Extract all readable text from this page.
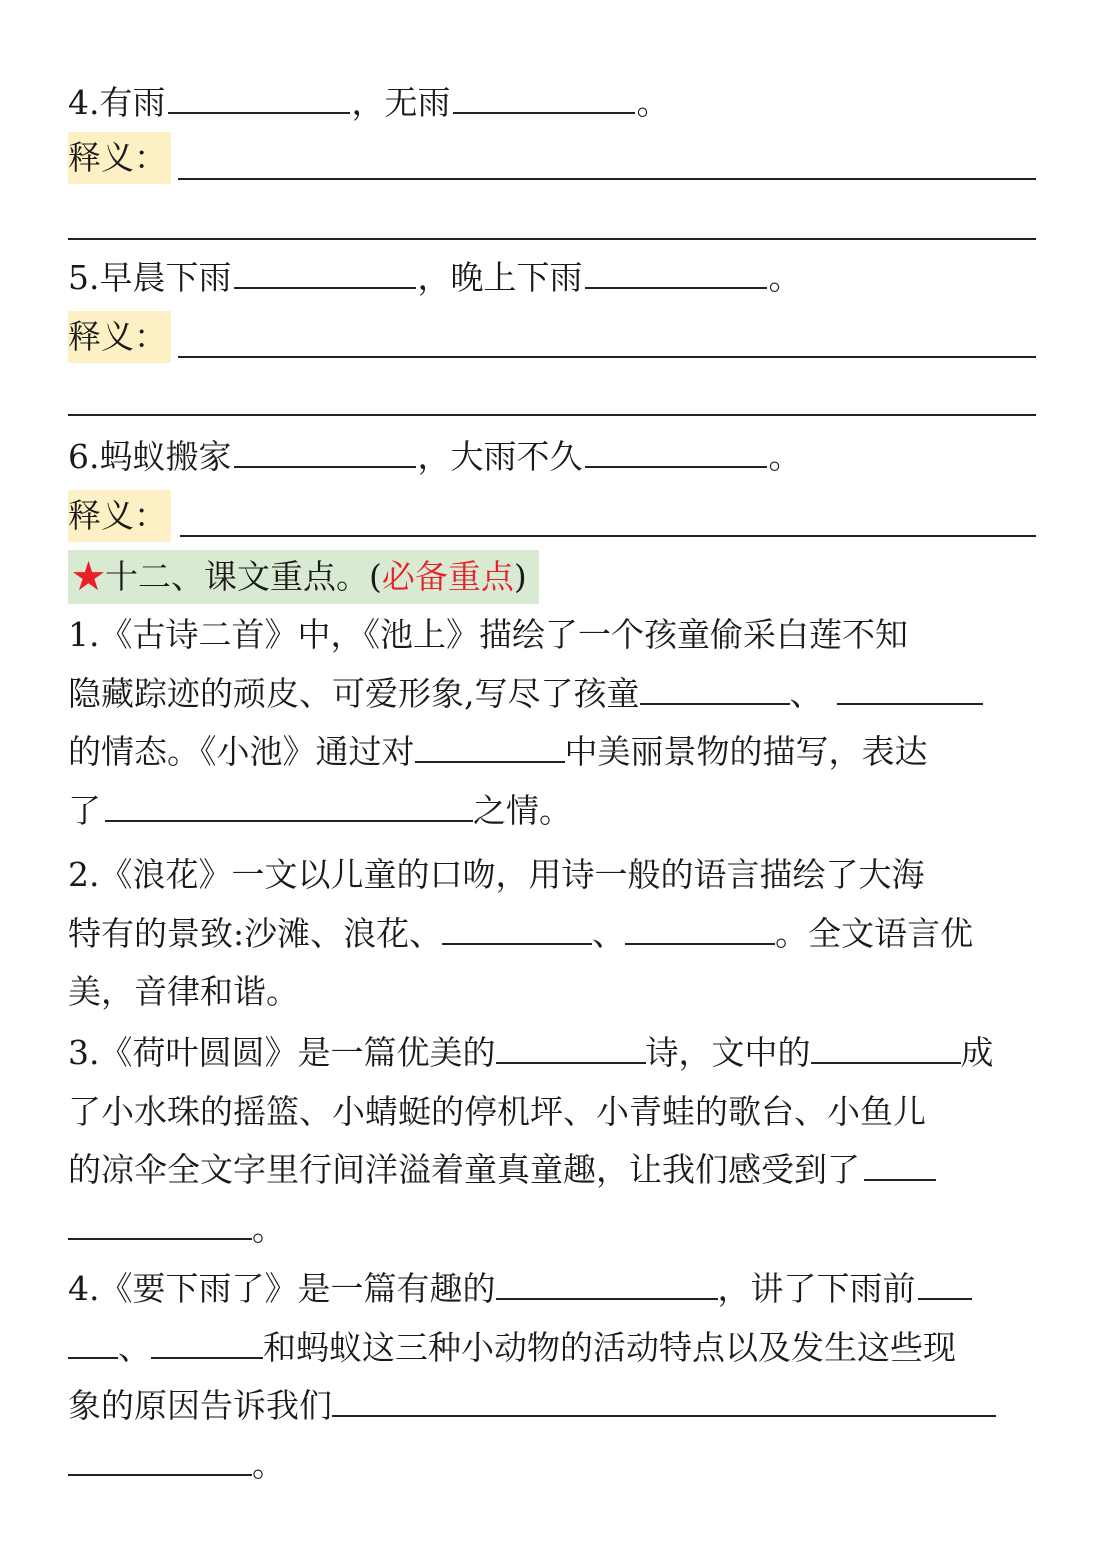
4.有雨	，无雨	。
释义：
5.早晨下雨	，晚上下雨	。
释义：
6.蚂蚁搬家	，大雨不久	。
释义：
★十二、课文重点。(必备重点)
1.《古诗二首》中，《池上》描绘了一个孩童偷采白莲不知
隐藏踪迹的顽皮、可爱形象,写尽了孩童	、
的情态。《小池》通过对	中美丽景物的描写，表达
了	之情。
2.《浪花》一文以儿童的口吻，用诗一般的语言描绘了大海
特有的景致:沙滩、浪花、	、	。全文语言优
美，音律和谐。
3.《荷叶圆圆》是一篇优美的	诗，文中的	成
了小水珠的摇篮、小蜻蜓的停机坪、小青蛙的歌台、小鱼儿
的凉伞全文字里行间洋溢着童真童趣，让我们感受到了
。
4.《要下雨了》是一篇有趣的	，讲了下雨前
、	和蚂蚁这三种小动物的活动特点以及发生这些现
象的原因告诉我们
。
